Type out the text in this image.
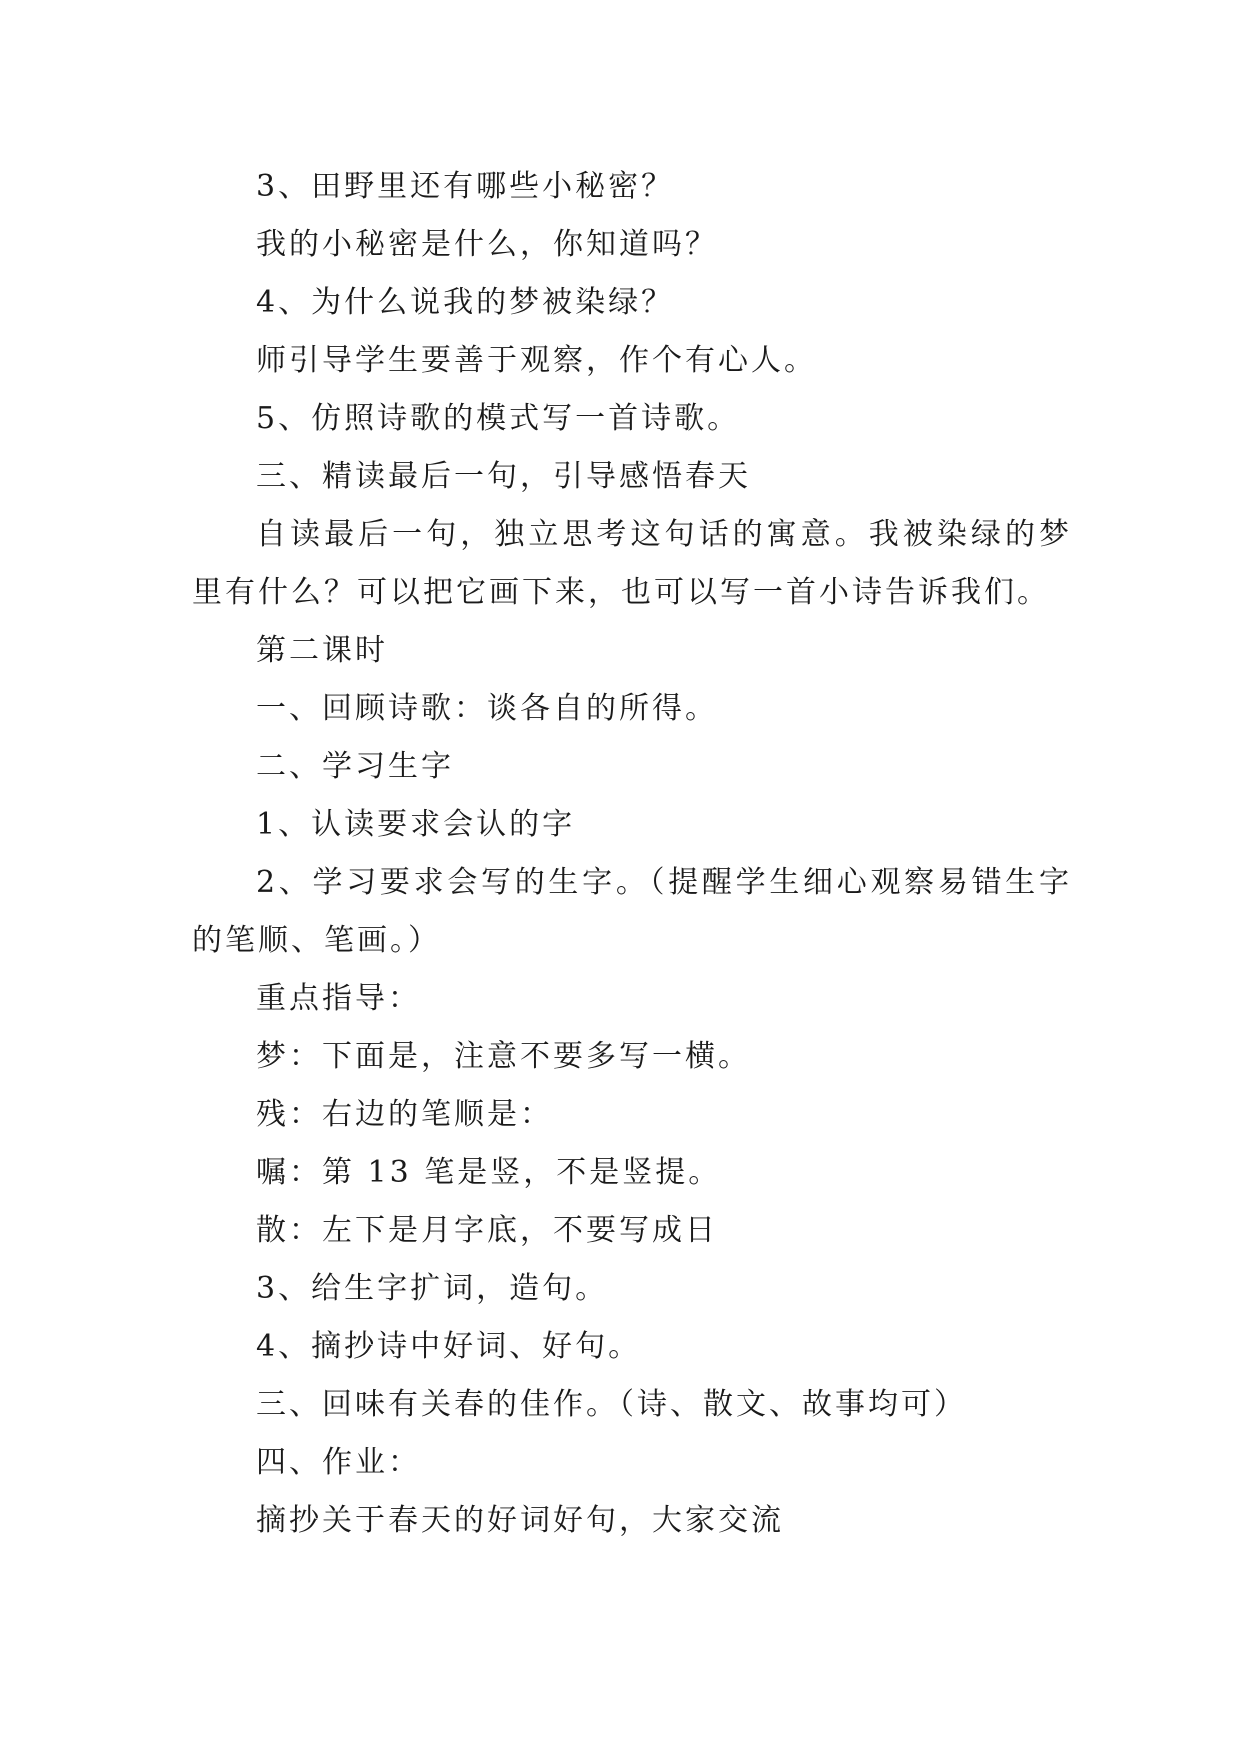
3、田野里还有哪些小秘密？

我的小秘密是什么，你知道吗？

4、为什么说我的梦被染绿？

师引导学生要善于观察，作个有心人。

5、仿照诗歌的模式写一首诗歌。

三、精读最后一句，引导感悟春天

自读最后一句，独立思考这句话的寓意。我被染绿的梦里有什么？可以把它画下来，也可以写一首小诗告诉我们。

第二课时

一、回顾诗歌：谈各自的所得。

二、学习生字

1、认读要求会认的字

2、学习要求会写的生字。（提醒学生细心观察易错生字的笔顺、笔画。）

重点指导：

梦：下面是，注意不要多写一横。

残：右边的笔顺是：

嘱：第 13 笔是竖，不是竖提。

散：左下是月字底，不要写成日

3、给生字扩词，造句。

4、摘抄诗中好词、好句。

三、回味有关春的佳作。（诗、散文、故事均可）

四、作业：

摘抄关于春天的好词好句，大家交流
